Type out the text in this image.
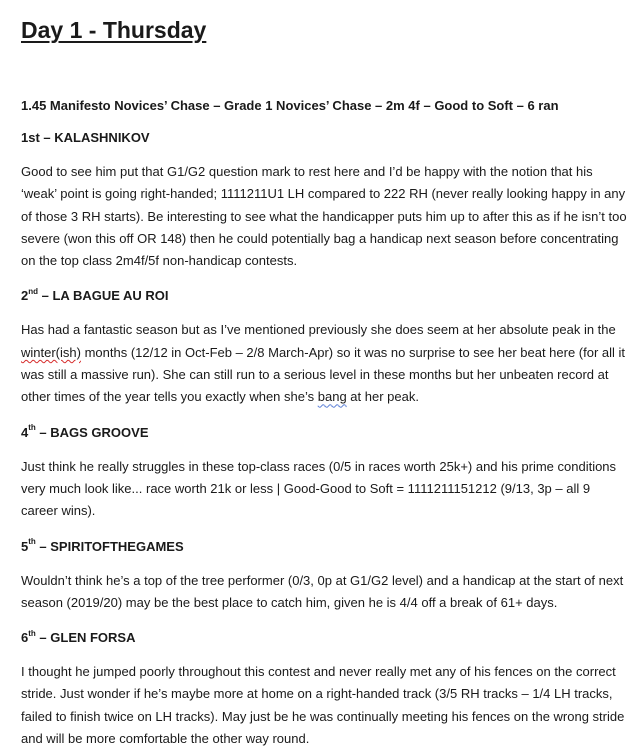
Day 1 - Thursday
1.45 Manifesto Novices’ Chase – Grade 1 Novices’ Chase – 2m 4f – Good to Soft – 6 ran
1st – KALASHNIKOV

Good to see him put that G1/G2 question mark to rest here and I’d be happy with the notion that his ‘weak’ point is going right-handed; 1111211U1 LH compared to 222 RH (never really looking happy in any of those 3 RH starts). Be interesting to see what the handicapper puts him up to after this as if he isn’t too severe (won this off OR 148) then he could potentially bag a handicap next season before concentrating on the top class 2m4f/5f non-handicap contests.

2nd – LA BAGUE AU ROI

Has had a fantastic season but as I’ve mentioned previously she does seem at her absolute peak in the winter(ish) months (12/12 in Oct-Feb – 2/8 March-Apr) so it was no surprise to see her beat here (for all it was still a massive run). She can still run to a serious level in these months but her unbeaten record at other times of the year tells you exactly when she’s bang at her peak.

4th – BAGS GROOVE

Just think he really struggles in these top-class races (0/5 in races worth 25k+) and his prime conditions very much look like... race worth 21k or less | Good-Good to Soft = 1111211151212 (9/13, 3p – all 9 career wins).

5th – SPIRITOFTHEGAMES

Wouldn’t think he’s a top of the tree performer (0/3, 0p at G1/G2 level) and a handicap at the start of next season (2019/20) may be the best place to catch him, given he is 4/4 off a break of 61+ days.

6th – GLEN FORSA

I thought he jumped poorly throughout this contest and never really met any of his fences on the correct stride. Just wonder if he’s maybe more at home on a right-handed track (3/5 RH tracks – 1/4 LH tracks, failed to finish twice on LH tracks). May just be he was continually meeting his fences on the wrong stride and will be more comfortable the other way round.
